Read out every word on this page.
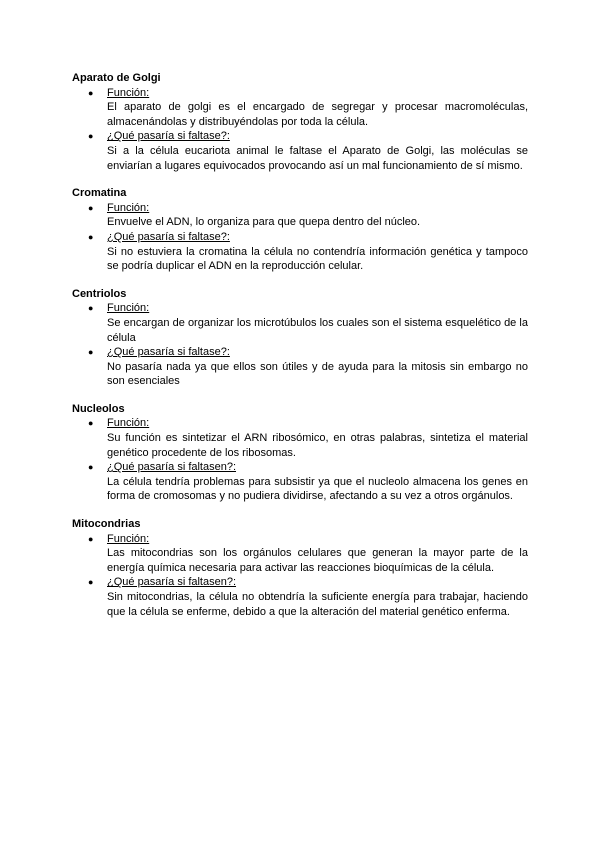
Aparato de Golgi
● Función:
El aparato de golgi es el encargado de segregar y procesar macromoléculas, almacenándolas y distribuyéndolas por toda la célula.
● ¿Qué pasaría si faltase?:
Si a la célula eucariota animal le faltase el Aparato de Golgi, las moléculas se enviarían a lugares equivocados provocando así un mal funcionamiento de sí mismo.
Cromatina
● Función:
Envuelve el ADN, lo organiza para que quepa dentro del núcleo.
● ¿Qué pasaría si faltase?:
Si no estuviera la cromatina la célula no contendría información genética y tampoco se podría duplicar el ADN en la reproducción celular.
Centriolos
● Función:
Se encargan de organizar los microtúbulos los cuales son el sistema esquelético de la célula
● ¿Qué pasaría si faltase?:
No pasaría nada ya que ellos son útiles y de ayuda para la mitosis sin embargo no son esenciales
Nucleolos
● Función:
Su función es sintetizar el ARN ribosómico, en otras palabras, sintetiza el material genético procedente de los ribosomas.
● ¿Qué pasaría si faltasen?:
La célula tendría problemas para subsistir ya que el nucleolo almacena los genes en forma de cromosomas y no pudiera dividirse, afectando a su vez a otros orgánulos.
Mitocondrias
● Función:
Las mitocondrias son los orgánulos celulares que generan la mayor parte de la energía química necesaria para activar las reacciones bioquímicas de la célula.
● ¿Qué pasaría si faltasen?:
Sin mitocondrias, la célula no obtendría la suficiente energía para trabajar, haciendo que la célula se enferme, debido a que la alteración del material genético enferma.
